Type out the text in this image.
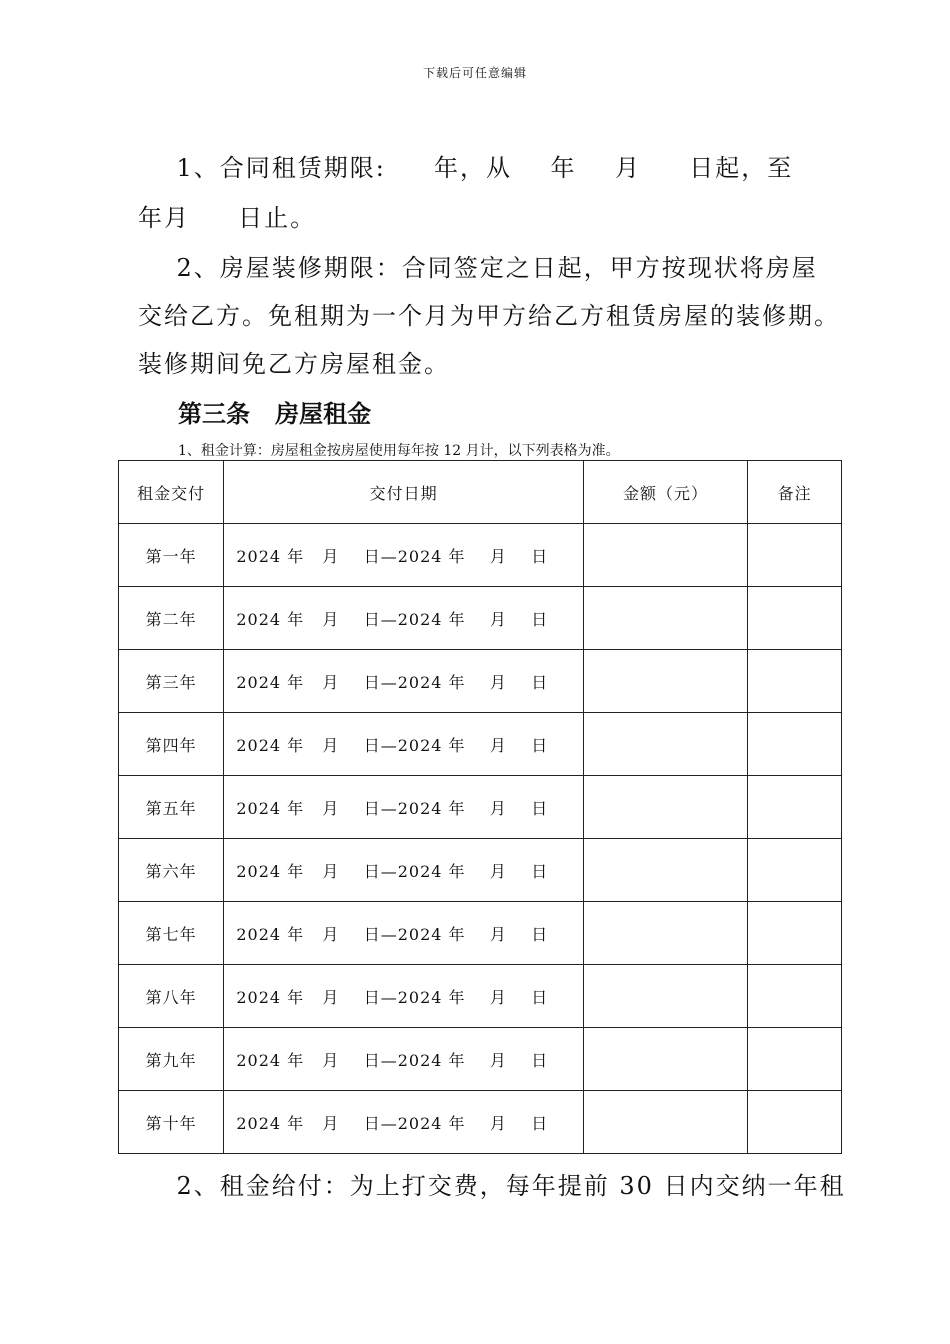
下载后可任意编辑
1、合同租赁期限:     年，从    年    月     日起，至
年月     日止。
2、房屋装修期限：合同签定之日起，甲方按现状将房屋
交给乙方。免租期为一个月为甲方给乙方租赁房屋的装修期。
装修期间免乙方房屋租金。
第三条   房屋租金
1、租金计算：房屋租金按房屋使用每年按 12 月计，以下列表格为准。
租金交付	交付日期	金额（元）	备注
第一年	2024 年   月    日—2024 年    月    日		
第二年	2024 年   月    日—2024 年    月    日		
第三年	2024 年   月    日—2024 年    月    日		
第四年	2024 年   月    日—2024 年    月    日		
第五年	2024 年   月    日—2024 年    月    日		
第六年	2024 年   月    日—2024 年    月    日		
第七年	2024 年   月    日—2024 年    月    日		
第八年	2024 年   月    日—2024 年    月    日		
第九年	2024 年   月    日—2024 年    月    日		
第十年	2024 年   月    日—2024 年    月    日		
2、租金给付：为上打交费，每年提前 30 日内交纳一年租
